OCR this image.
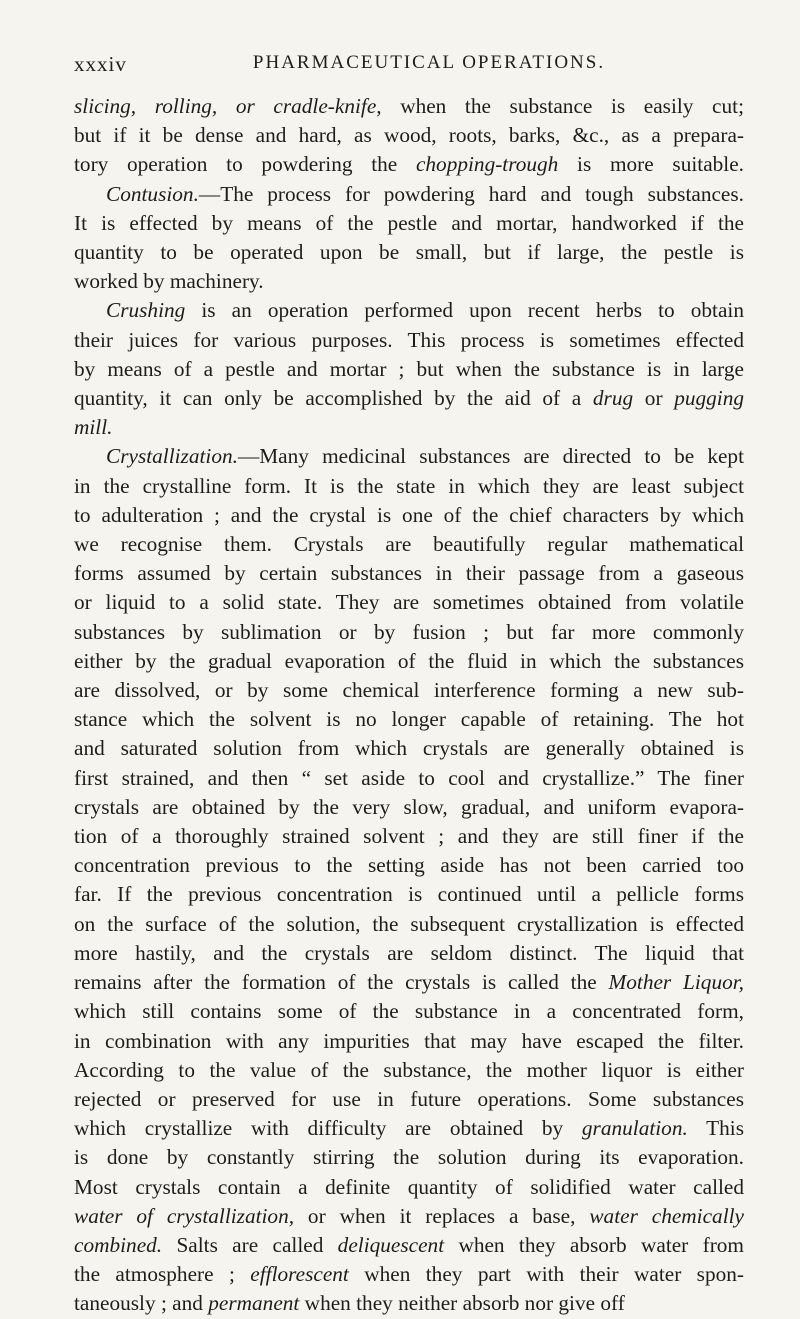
xxxiv	PHARMACEUTICAL OPERATIONS.
slicing, rolling, or cradle-knife, when the substance is easily cut;
but if it be dense and hard, as wood, roots, barks, &c., as a prepara-
tory operation to powdering the chopping-trough is more suitable.
Contusion.—The process for powdering hard and tough substances.
It is effected by means of the pestle and mortar, handworked if the
quantity to be operated upon be small, but if large, the pestle is
worked by machinery.
Crushing is an operation performed upon recent herbs to obtain
their juices for various purposes. This process is sometimes effected
by means of a pestle and mortar ; but when the substance is in large
quantity, it can only be accomplished by the aid of a drug or pugging
mill.
Crystallization.—Many medicinal substances are directed to be kept
in the crystalline form. It is the state in which they are least subject
to adulteration ; and the crystal is one of the chief characters by which
we recognise them. Crystals are beautifully regular mathematical
forms assumed by certain substances in their passage from a gaseous
or liquid to a solid state. They are sometimes obtained from volatile
substances by sublimation or by fusion ; but far more commonly
either by the gradual evaporation of the fluid in which the substances
are dissolved, or by some chemical interference forming a new sub-
stance which the solvent is no longer capable of retaining. The hot
and saturated solution from which crystals are generally obtained is
first strained, and then “ set aside to cool and crystallize.” The finer
crystals are obtained by the very slow, gradual, and uniform evapora-
tion of a thoroughly strained solvent ; and they are still finer if the
concentration previous to the setting aside has not been carried too
far. If the previous concentration is continued until a pellicle forms
on the surface of the solution, the subsequent crystallization is effected
more hastily, and the crystals are seldom distinct. The liquid that
remains after the formation of the crystals is called the Mother Liquor,
which still contains some of the substance in a concentrated form,
in combination with any impurities that may have escaped the filter.
According to the value of the substance, the mother liquor is either
rejected or preserved for use in future operations. Some substances
which crystallize with difficulty are obtained by granulation. This
is done by constantly stirring the solution during its evaporation.
Most crystals contain a definite quantity of solidified water called
water of crystallization, or when it replaces a base, water chemically
combined. Salts are called deliquescent when they absorb water from
the atmosphere ; efflorescent when they part with their water spon-
taneously ; and permanent when they neither absorb nor give off
